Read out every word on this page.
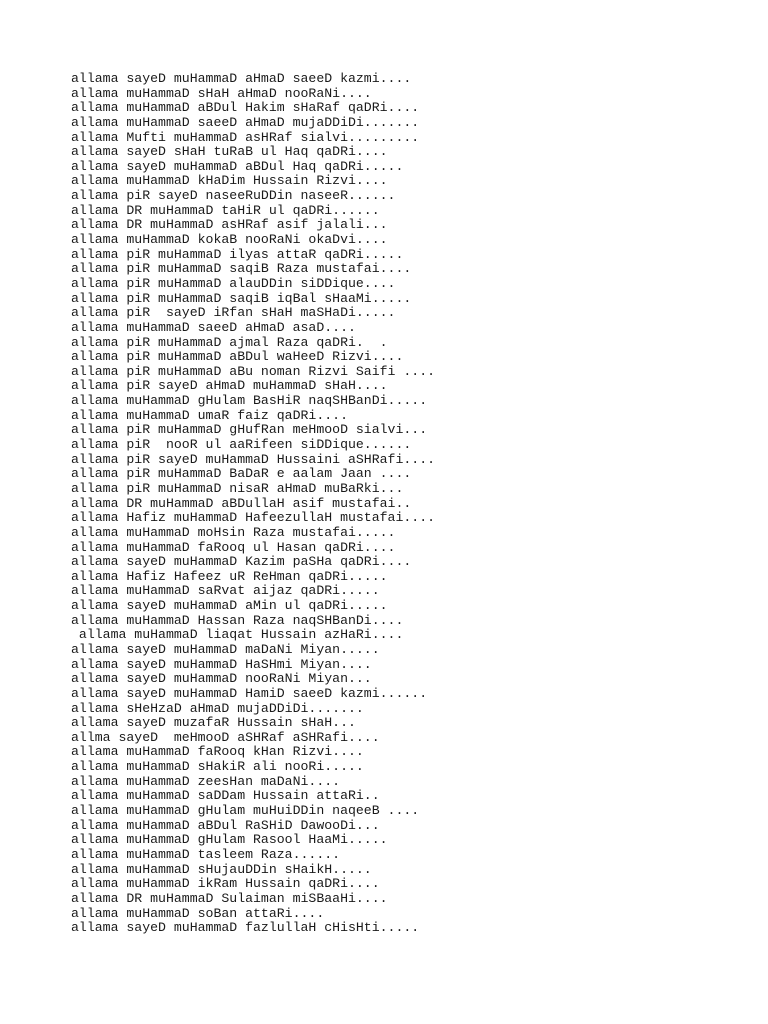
allama sayeD muHammaD aHmaD saeeD kazmi....
allama muHammaD sHaH aHmaD nooRaNi....
allama muHammaD aBDul Hakim sHaRaf qaDRi....
allama muHammaD saeeD aHmaD mujaDDiDi.......
allama Mufti muHammaD asHRaf sialvi.........
allama sayeD sHaH tuRaB ul Haq qaDRi....
allama sayeD muHammaD aBDul Haq qaDRi.....
allama muHammaD kHaDim Hussain Rizvi....
allama piR sayeD naseeRuDDin naseeR......
allama DR muHammaD taHiR ul qaDRi......
allama DR muHammaD asHRaf asif jalali...
allama muHammaD kokaB nooRaNi okaDvi....
allama piR muHammaD ilyas attaR qaDRi.....
allama piR muHammaD saqiB Raza mustafai....
allama piR muHammaD alauDDin siDDique....
allama piR muHammaD saqiB iqBal sHaaMi.....
allama piR  sayeD iRfan sHaH maSHaDi.....
allama muHammaD saeeD aHmaD asaD....
allama piR muHammaD ajmal Raza qaDRi.  .
allama piR muHammaD aBDul waHeeD Rizvi....
allama piR muHammaD aBu noman Rizvi Saifi ....
allama piR sayeD aHmaD muHammaD sHaH....
allama muHammaD gHulam BasHiR naqSHBanDi.....
allama muHammaD umaR faiz qaDRi....
allama piR muHammaD gHufRan meHmooD sialvi...
allama piR  nooR ul aaRifeen siDDique......
allama piR sayeD muHammaD Hussaini aSHRafi....
allama piR muHammaD BaDaR e aalam Jaan ....
allama piR muHammaD nisaR aHmaD muBaRki...
allama DR muHammaD aBDullaH asif mustafai..
allama Hafiz muHammaD HafeezullaH mustafai....
allama muHammaD moHsin Raza mustafai.....
allama muHammaD faRooq ul Hasan qaDRi....
allama sayeD muHammaD Kazim paSHa qaDRi....
allama Hafiz Hafeez uR ReHman qaDRi.....
allama muHammaD saRvat aijaz qaDRi.....
allama sayeD muHammaD aMin ul qaDRi.....
allama muHammaD Hassan Raza naqSHBanDi....
allama muHammaD liaqat Hussain azHaRi....
allama sayeD muHammaD maDaNi Miyan.....
allama sayeD muHammaD HaSHmi Miyan....
allama sayeD muHammaD nooRaNi Miyan...
allama sayeD muHammaD HamiD saeeD kazmi......
allama sHeHzaD aHmaD mujaDDiDi.......
allama sayeD muzafaR Hussain sHaH...
allma sayeD  meHmooD aSHRaf aSHRafi....
allama muHammaD faRooq kHan Rizvi....
allama muHammaD sHakiR ali nooRi.....
allama muHammaD zeesHan maDaNi....
allama muHammaD saDDam Hussain attaRi..
allama muHammaD gHulam muHuiDDin naqeeB ....
allama muHammaD aBDul RaSHiD DawooDi...
allama muHammaD gHulam Rasool HaaMi.....
allama muHammaD tasleem Raza......
allama muHammaD sHujauDDin sHaikH.....
allama muHammaD ikRam Hussain qaDRi....
allama DR muHammaD Sulaiman miSBaaHi....
allama muHammaD soBan attaRi....
allama sayeD muHammaD fazlullaH cHisHti.....
